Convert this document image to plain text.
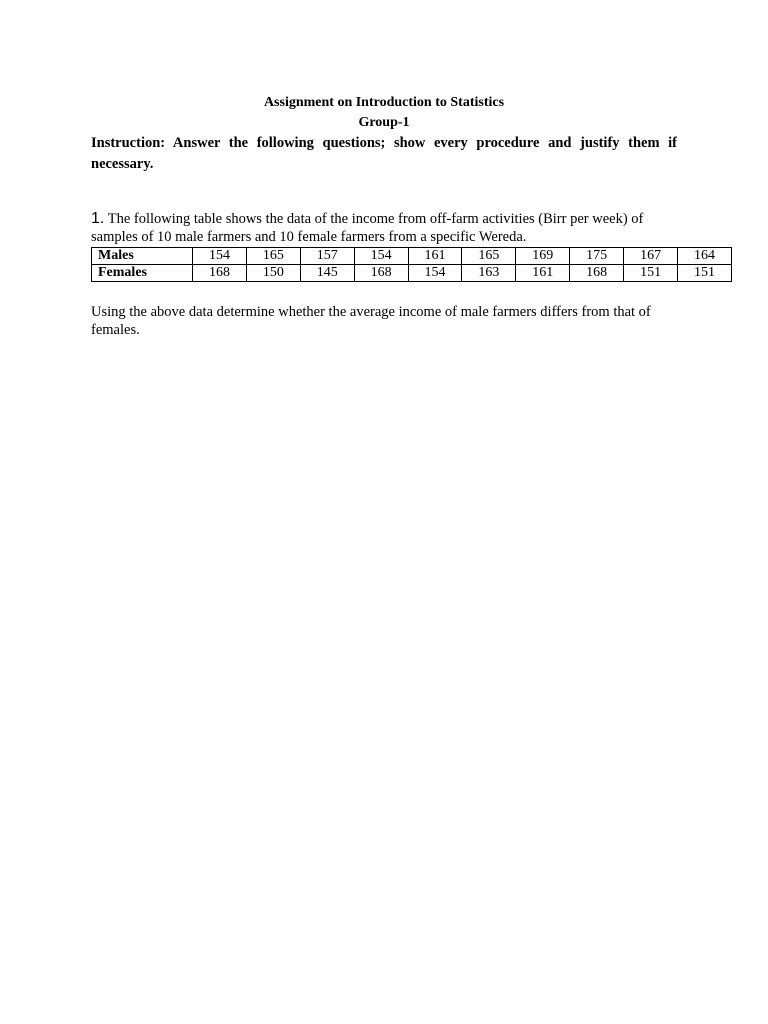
Assignment on Introduction to Statistics
Group-1
Instruction: Answer the following questions; show every procedure and justify them if necessary.
1. The following table shows the data of the income from off-farm activities (Birr per week) of samples of 10 male farmers and 10 female farmers from a specific Wereda.
Males	154	165	157	154	161	165	169	175	167	164
Females	168	150	145	168	154	163	161	168	151	151
Using the above data determine whether the average income of male farmers differs from that of females.
